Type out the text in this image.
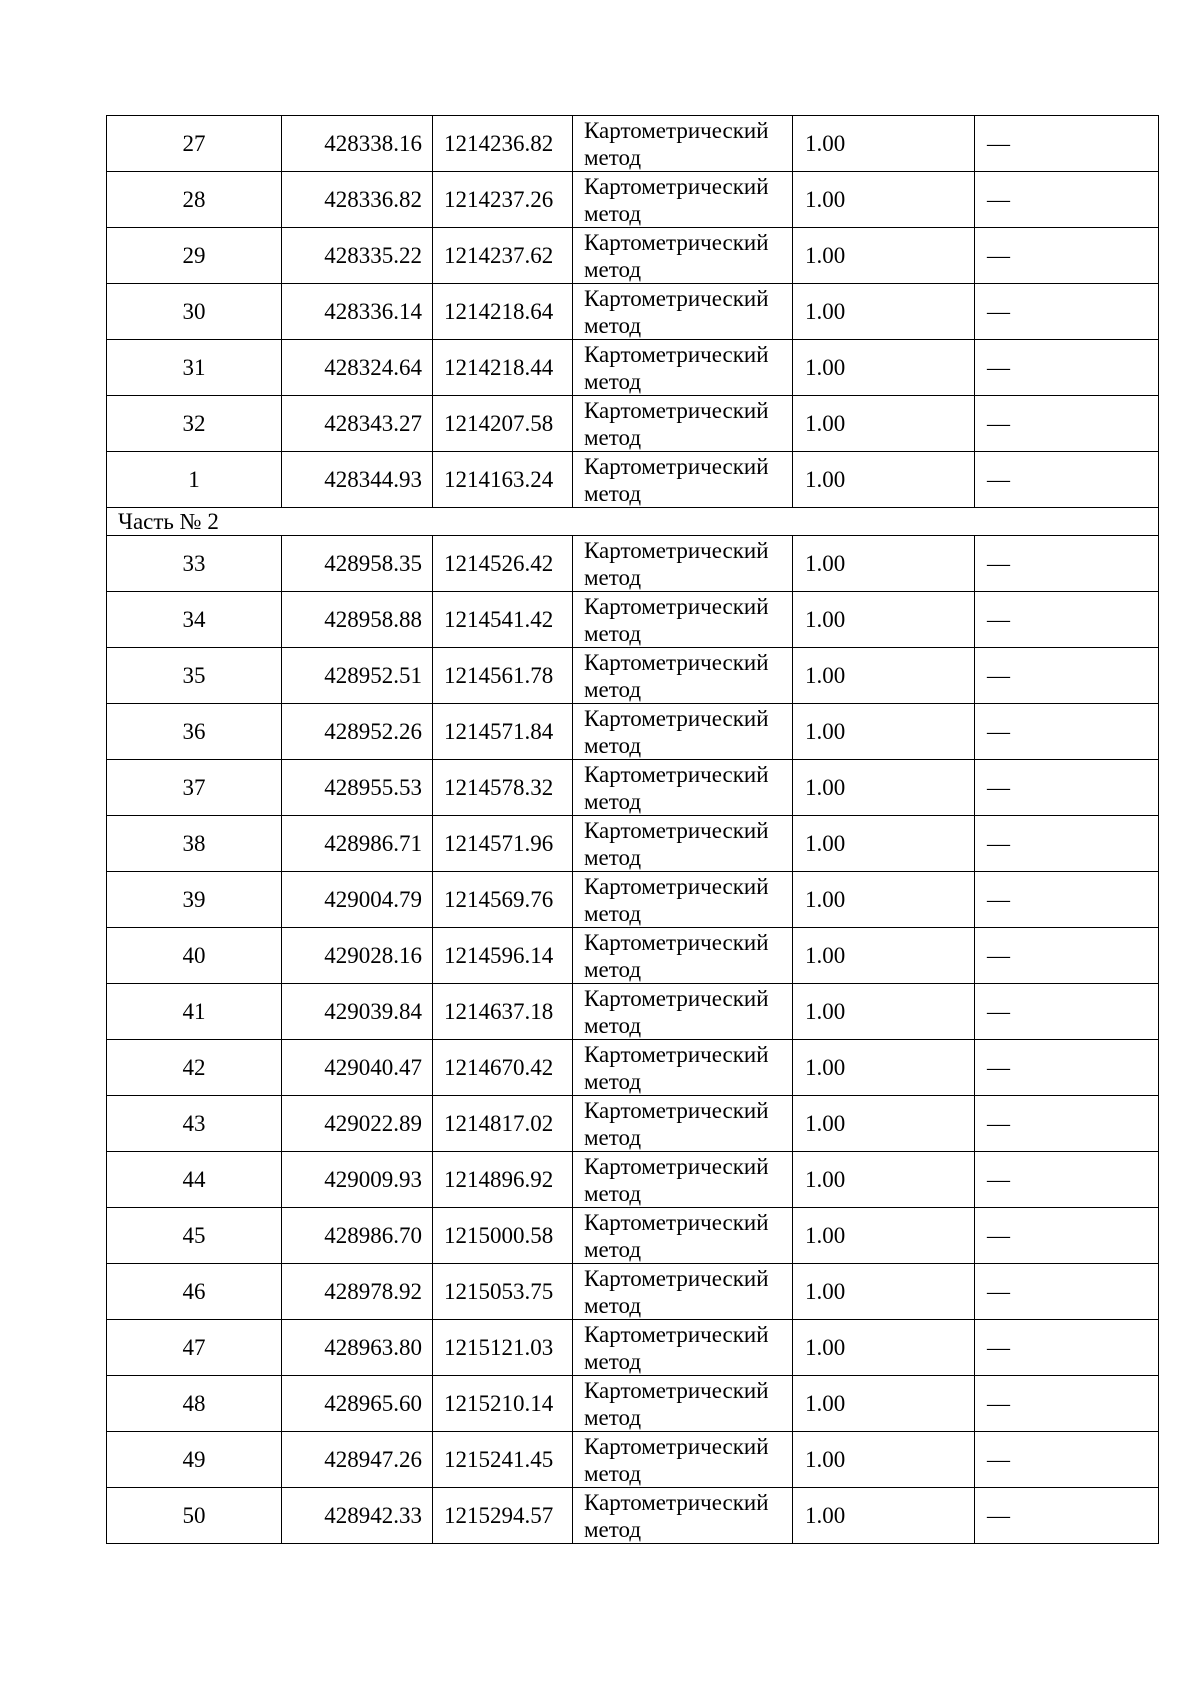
27	428338.16	1214236.82	Картометрический метод	1.00	—
28	428336.82	1214237.26	Картометрический метод	1.00	—
29	428335.22	1214237.62	Картометрический метод	1.00	—
30	428336.14	1214218.64	Картометрический метод	1.00	—
31	428324.64	1214218.44	Картометрический метод	1.00	—
32	428343.27	1214207.58	Картометрический метод	1.00	—
1	428344.93	1214163.24	Картометрический метод	1.00	—
Часть № 2					
33	428958.35	1214526.42	Картометрический метод	1.00	—
34	428958.88	1214541.42	Картометрический метод	1.00	—
35	428952.51	1214561.78	Картометрический метод	1.00	—
36	428952.26	1214571.84	Картометрический метод	1.00	—
37	428955.53	1214578.32	Картометрический метод	1.00	—
38	428986.71	1214571.96	Картометрический метод	1.00	—
39	429004.79	1214569.76	Картометрический метод	1.00	—
40	429028.16	1214596.14	Картометрический метод	1.00	—
41	429039.84	1214637.18	Картометрический метод	1.00	—
42	429040.47	1214670.42	Картометрический метод	1.00	—
43	429022.89	1214817.02	Картометрический метод	1.00	—
44	429009.93	1214896.92	Картометрический метод	1.00	—
45	428986.70	1215000.58	Картометрический метод	1.00	—
46	428978.92	1215053.75	Картометрический метод	1.00	—
47	428963.80	1215121.03	Картометрический метод	1.00	—
48	428965.60	1215210.14	Картометрический метод	1.00	—
49	428947.26	1215241.45	Картометрический метод	1.00	—
50	428942.33	1215294.57	Картометрический метод	1.00	—
